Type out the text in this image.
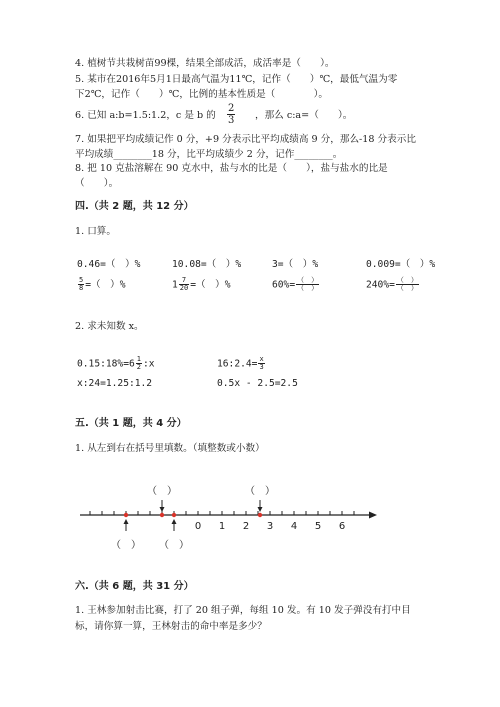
4. 植树节共栽树苗99棵，结果全部成活，成活率是（　　）。
5. 某市在2016年5月1日最高气温为11℃，记作（　　）℃，最低气温为零
下2℃，记作（　　）℃，比例的基本性质是（　　　　）。
6. 已知 a:b=1.5:1.2，c 是 b 的 $\frac{2}{3}$ ，那么 c:a=（　　）。
7. 如果把平均成绩记作 0 分，+9 分表示比平均成绩高 9 分，那么-18 分表示比
平均成绩________18 分，比平均成绩少 2 分，记作________。
8. 把 10 克盐溶解在 90 克水中，盐与水的比是（　　），盐与盐水的比是
（　　）。
四.（共 2 题，共 12 分）
1. 口算。
0.46=（　）%	10.08=（　）%	3=（　）%	0.009=（　）%
$\frac{5}{8}$ =（　）%	$1 \frac{7}{20}$ =（　）%	$60\%= \frac{( )}{( )}$	$240\%= \frac{( )}{( )}$
2. 求未知数 x。
0.15:18%=6 $\frac{1}{2}$ :x	16:2.4= $\frac{x}{3}$
x:24=1.25:1.2	0.5x - 2.5=2.5
五.（共 1 题，共 4 分）
1. 从左到右在括号里填数。（填整数或小数）
0 1 2 3 4 5 6
（　）	（　）
（　） （　）
六.（共 6 题，共 31 分）
1. 王林参加射击比赛，打了 20 组子弹，每组 10 发。有 10 发子弹没有打中目
标，请你算一算，王林射击的命中率是多少？
